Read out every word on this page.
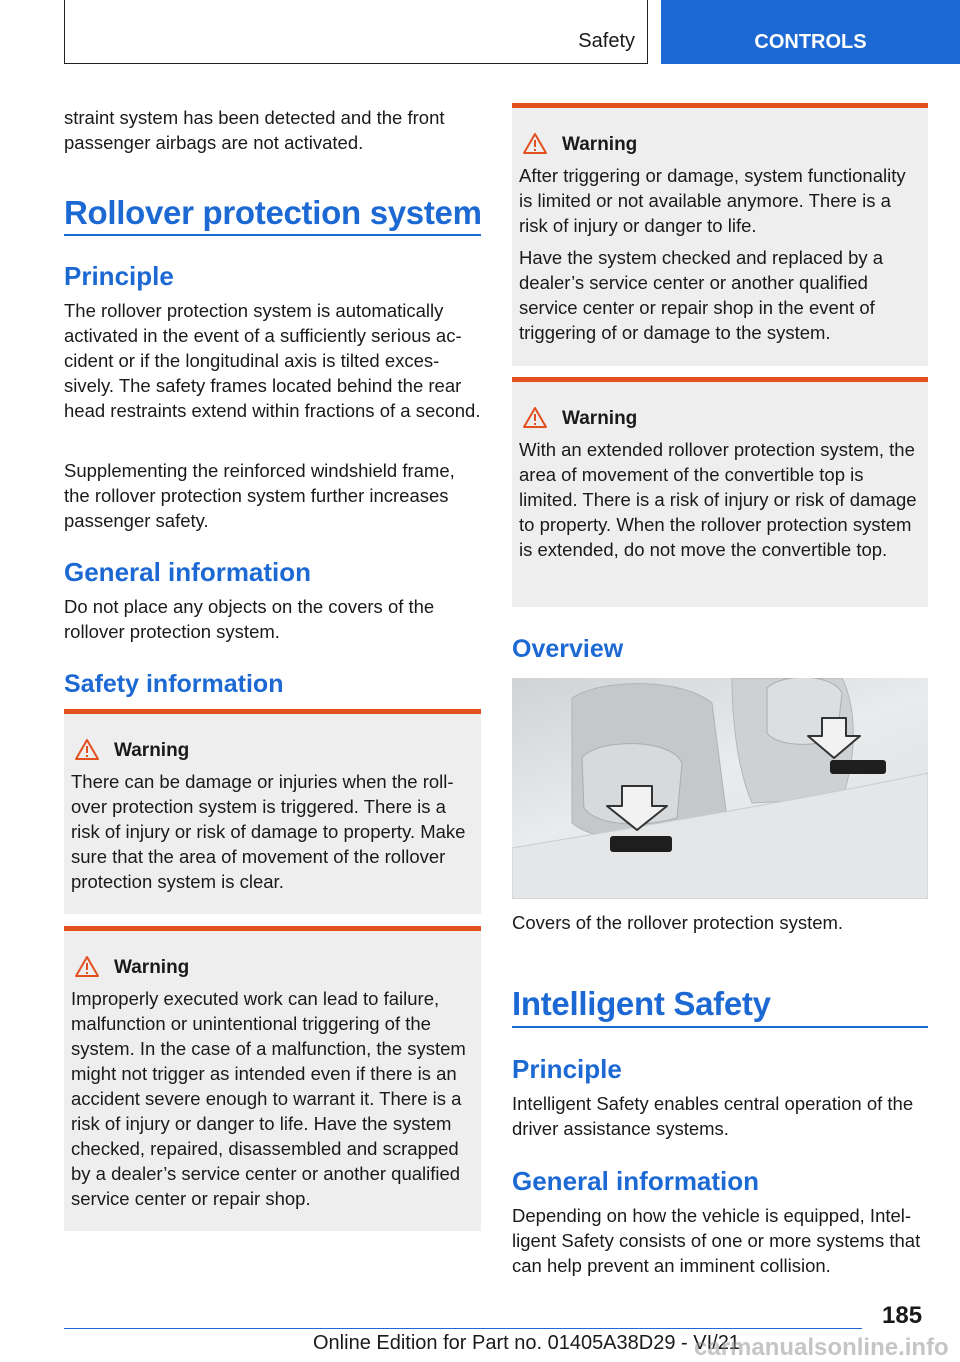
Safety	CONTROLS

straint system has been detected and the front passenger airbags are not activated.

Rollover protection system
Principle

The rollover protection system is automatically activated in the event of a sufficiently serious accident or if the longitudinal axis is tilted excessively. The safety frames located behind the rear head restraints extend within fractions of a second.

Supplementing the reinforced windshield frame, the rollover protection system further increases passenger safety.

General information

Do not place any objects on the covers of the rollover protection system.

Safety information
Warning

There can be damage or injuries when the rollover protection system is triggered. There is a risk of injury or risk of damage to property. Make sure that the area of movement of the rollover protection system is clear.

Warning

Improperly executed work can lead to failure, malfunction or unintentional triggering of the system. In the case of a malfunction, the system might not trigger as intended even if there is an accident severe enough to warrant it. There is a risk of injury or danger to life. Have the system checked, repaired, disassembled and scrapped by a dealer’s service center or another qualified service center or repair shop.

Warning

After triggering or damage, system functionality is limited or not available anymore. There is a risk of injury or danger to life.

Have the system checked and replaced by a dealer’s service center or another qualified service center or repair shop in the event of triggering of or damage to the system.

Warning

With an extended rollover protection system, the area of movement of the convertible top is limited. There is a risk of injury or risk of damage to property. When the rollover protection system is extended, do not move the convertible top.

Overview

Covers of the rollover protection system.

Intelligent Safety
Principle

Intelligent Safety enables central operation of the driver assistance systems.

General information

Depending on how the vehicle is equipped, Intelligent Safety consists of one or more systems that can help prevent an imminent collision.

185
Online Edition for Part no. 01405A38D29 - VI/21
carmanualsonline.info
